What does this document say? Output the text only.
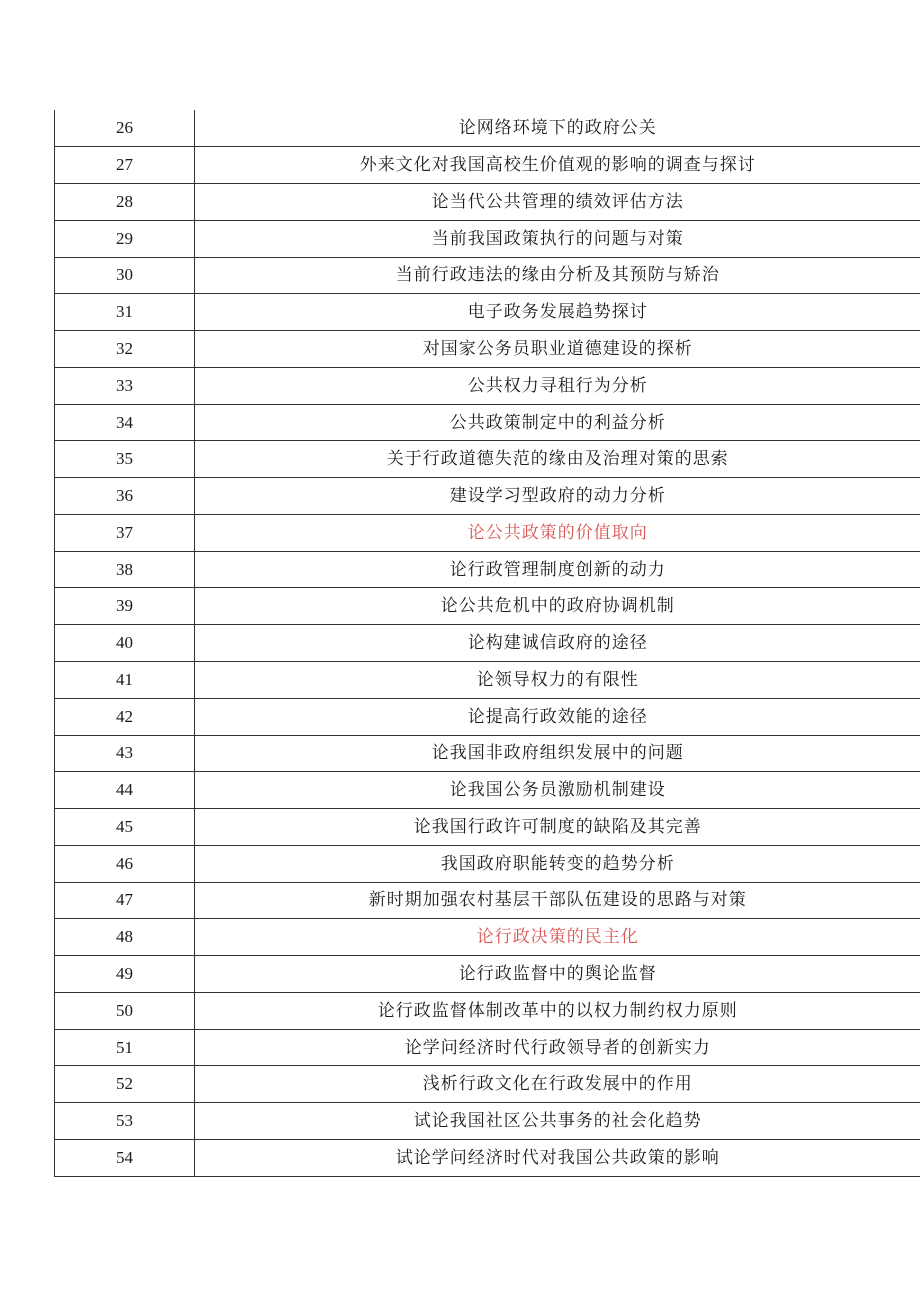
26	论网络环境下的政府公关
27	外来文化对我国高校生价值观的影响的调查与探讨
28	论当代公共管理的绩效评估方法
29	当前我国政策执行的问题与对策
30	当前行政违法的缘由分析及其预防与矫治
31	电子政务发展趋势探讨
32	对国家公务员职业道德建设的探析
33	公共权力寻租行为分析
34	公共政策制定中的利益分析
35	关于行政道德失范的缘由及治理对策的思索
36	建设学习型政府的动力分析
37	论公共政策的价值取向
38	论行政管理制度创新的动力
39	论公共危机中的政府协调机制
40	论构建诚信政府的途径
41	论领导权力的有限性
42	论提高行政效能的途径
43	论我国非政府组织发展中的问题
44	论我国公务员激励机制建设
45	论我国行政许可制度的缺陷及其完善
46	我国政府职能转变的趋势分析
47	新时期加强农村基层干部队伍建设的思路与对策
48	论行政决策的民主化
49	论行政监督中的舆论监督
50	论行政监督体制改革中的以权力制约权力原则
51	论学问经济时代行政领导者的创新实力
52	浅析行政文化在行政发展中的作用
53	试论我国社区公共事务的社会化趋势
54	试论学问经济时代对我国公共政策的影响
